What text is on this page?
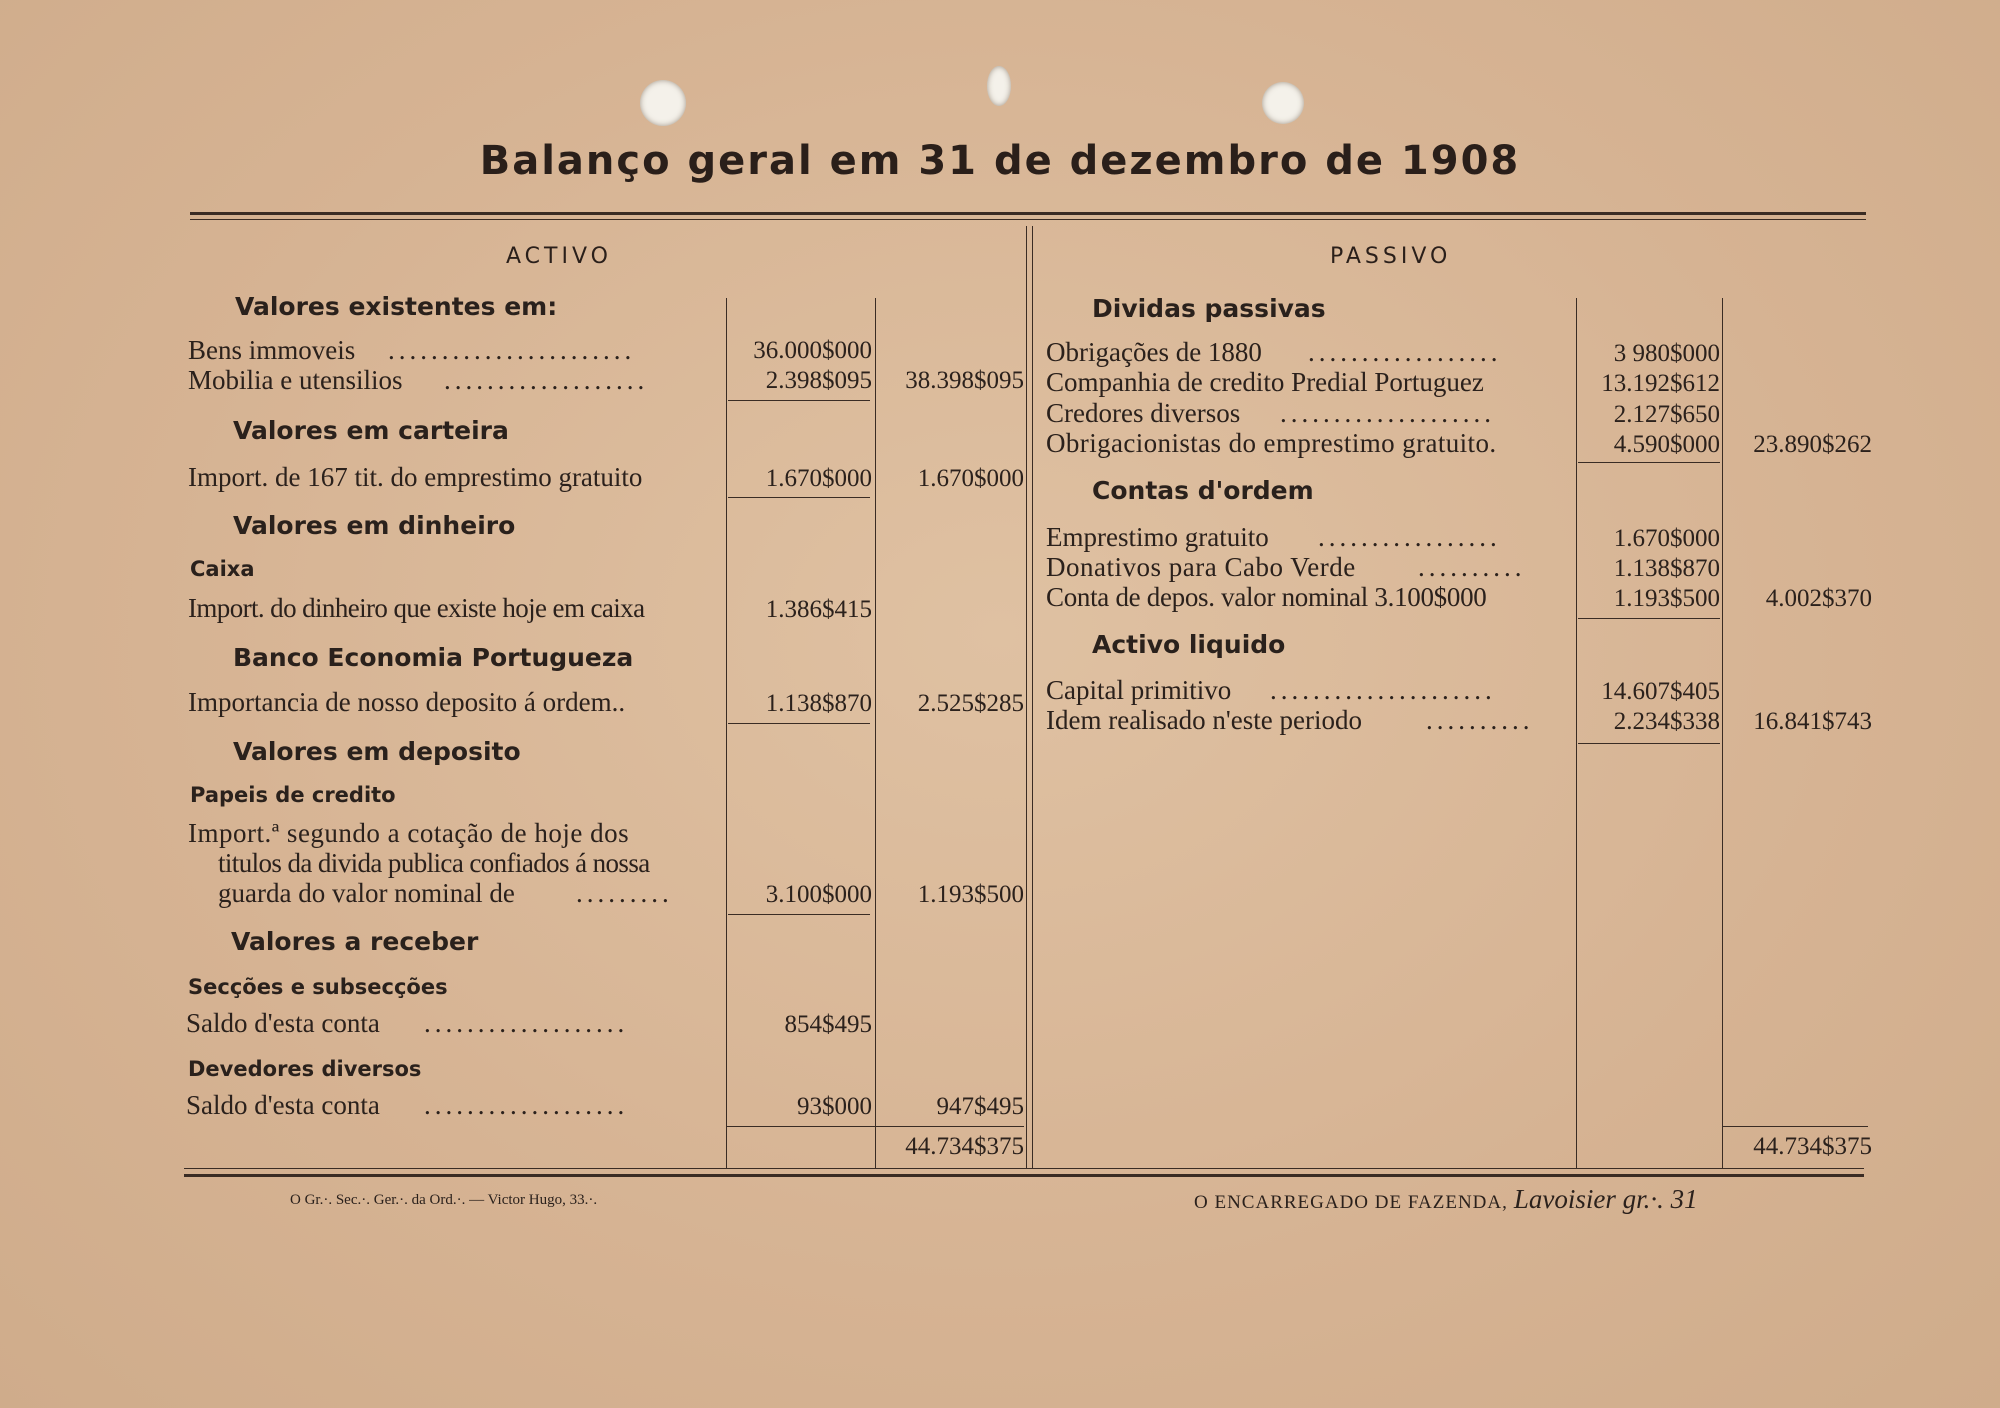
Balanço geral em 31 de dezembro de 1908
ACTIVO	PASSIVO
Valores existentes em:
Bens immoveis .......................	36.000$000
Mobilia e utensilios ...................	2.398$095	38.398$095
Valores em carteira
Import. de 167 tit. do emprestimo gratuito	1.670$000	1.670$000
Valores em dinheiro
Caixa
Import. do dinheiro que existe hoje em caixa	1.386$415
Banco Economia Portugueza
Importancia de nosso deposito á ordem..	1.138$870	2.525$285
Valores em deposito
Papeis de credito
Import.ª segundo a cotação de hoje dos
titulos da divida publica confiados á nossa
guarda do valor nominal de .........	3.100$000	1.193$500
Valores a receber
Secções e subsecções
Saldo d'esta conta ...................	854$495
Devedores diversos
Saldo d'esta conta ...................	93$000	947$495
44.734$375
Dividas passivas
Obrigações de 1880 ..................	3 980$000
Companhia de credito Predial Portuguez	13.192$612
Credores diversos ....................	2.127$650
Obrigacionistas do emprestimo gratuito.	4.590$000	23.890$262
Contas d'ordem
Emprestimo gratuito .................	1.670$000
Donativos para Cabo Verde ..........	1.138$870
Conta de depos. valor nominal 3.100$000	1.193$500	4.002$370
Activo liquido
Capital primitivo .....................	14.607$405
Idem realisado n'este periodo ..........	2.234$338	16.841$743
44.734$375
O Gr.·. Sec.·. Ger.·. da Ord.·. — Victor Hugo, 33.·.	O ENCARREGADO DE FAZENDA, Lavoisier gr.·. 31
